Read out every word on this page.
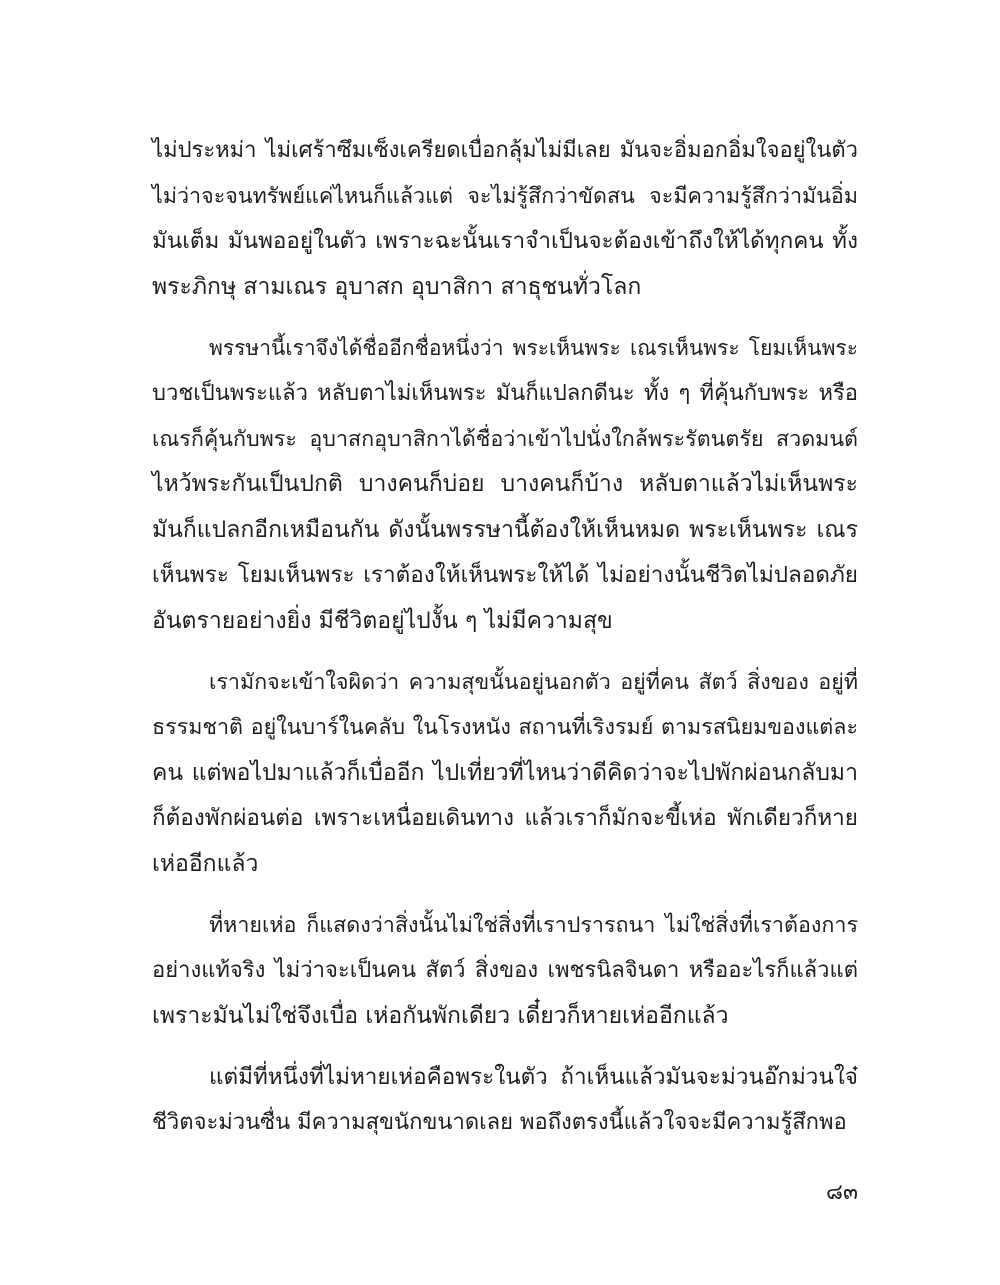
ไม่ประหม่า ไม่เศร้าซึมเซ็งเครียดเบื่อกลุ้มไม่มีเลย มันจะอิ่มอกอิ่มใจอยู่ในตัว
ไม่ว่าจะจนทรัพย์แค่ไหนก็แล้วแต่ จะไม่รู้สึกว่าขัดสน จะมีความรู้สึกว่ามันอิ่ม
มันเต็ม มันพออยู่ในตัว เพราะฉะนั้นเราจำเป็นจะต้องเข้าถึงให้ได้ทุกคน ทั้ง
พระภิกษุ สามเณร อุบาสก อุบาสิกา สาธุชนทั่วโลก
พรรษานี้เราจึงได้ชื่ออีกชื่อหนึ่งว่า พระเห็นพระ เณรเห็นพระ โยมเห็นพระ
บวชเป็นพระแล้ว หลับตาไม่เห็นพระ มันก็แปลกดีนะ ทั้ง ๆ ที่คุ้นกับพระ หรือ
เณรก็คุ้นกับพระ อุบาสกอุบาสิกาได้ชื่อว่าเข้าไปนั่งใกล้พระรัตนตรัย สวดมนต์
ไหว้พระกันเป็นปกติ บางคนก็บ่อย บางคนก็บ้าง หลับตาแล้วไม่เห็นพระ
มันก็แปลกอีกเหมือนกัน ดังนั้นพรรษานี้ต้องให้เห็นหมด พระเห็นพระ เณร
เห็นพระ โยมเห็นพระ เราต้องให้เห็นพระให้ได้ ไม่อย่างนั้นชีวิตไม่ปลอดภัย
อันตรายอย่างยิ่ง มีชีวิตอยู่ไปงั้น ๆ ไม่มีความสุข
เรามักจะเข้าใจผิดว่า ความสุขนั้นอยู่นอกตัว อยู่ที่คน สัตว์ สิ่งของ อยู่ที่
ธรรมชาติ อยู่ในบาร์ในคลับ ในโรงหนัง สถานที่เริงรมย์ ตามรสนิยมของแต่ละ
คน แต่พอไปมาแล้วก็เบื่ออีก ไปเที่ยวที่ไหนว่าดีคิดว่าจะไปพักผ่อนกลับมา
ก็ต้องพักผ่อนต่อ เพราะเหนื่อยเดินทาง แล้วเราก็มักจะขี้เห่อ พักเดียวก็หาย
เห่ออีกแล้ว
ที่หายเห่อ ก็แสดงว่าสิ่งนั้นไม่ใช่สิ่งที่เราปรารถนา ไม่ใช่สิ่งที่เราต้องการ
อย่างแท้จริง ไม่ว่าจะเป็นคน สัตว์ สิ่งของ เพชรนิลจินดา หรืออะไรก็แล้วแต่
เพราะมันไม่ใช่จึงเบื่อ เห่อกันพักเดียว เดี๋ยวก็หายเห่ออีกแล้ว
แต่มีที่หนึ่งที่ไม่หายเห่อคือพระในตัว ถ้าเห็นแล้วมันจะม่วนอ๊กม่วนใจ๋
ชีวิตจะม่วนซื่น มีความสุขนักขนาดเลย พอถึงตรงนี้แล้วใจจะมีความรู้สึกพอ
๘๓
